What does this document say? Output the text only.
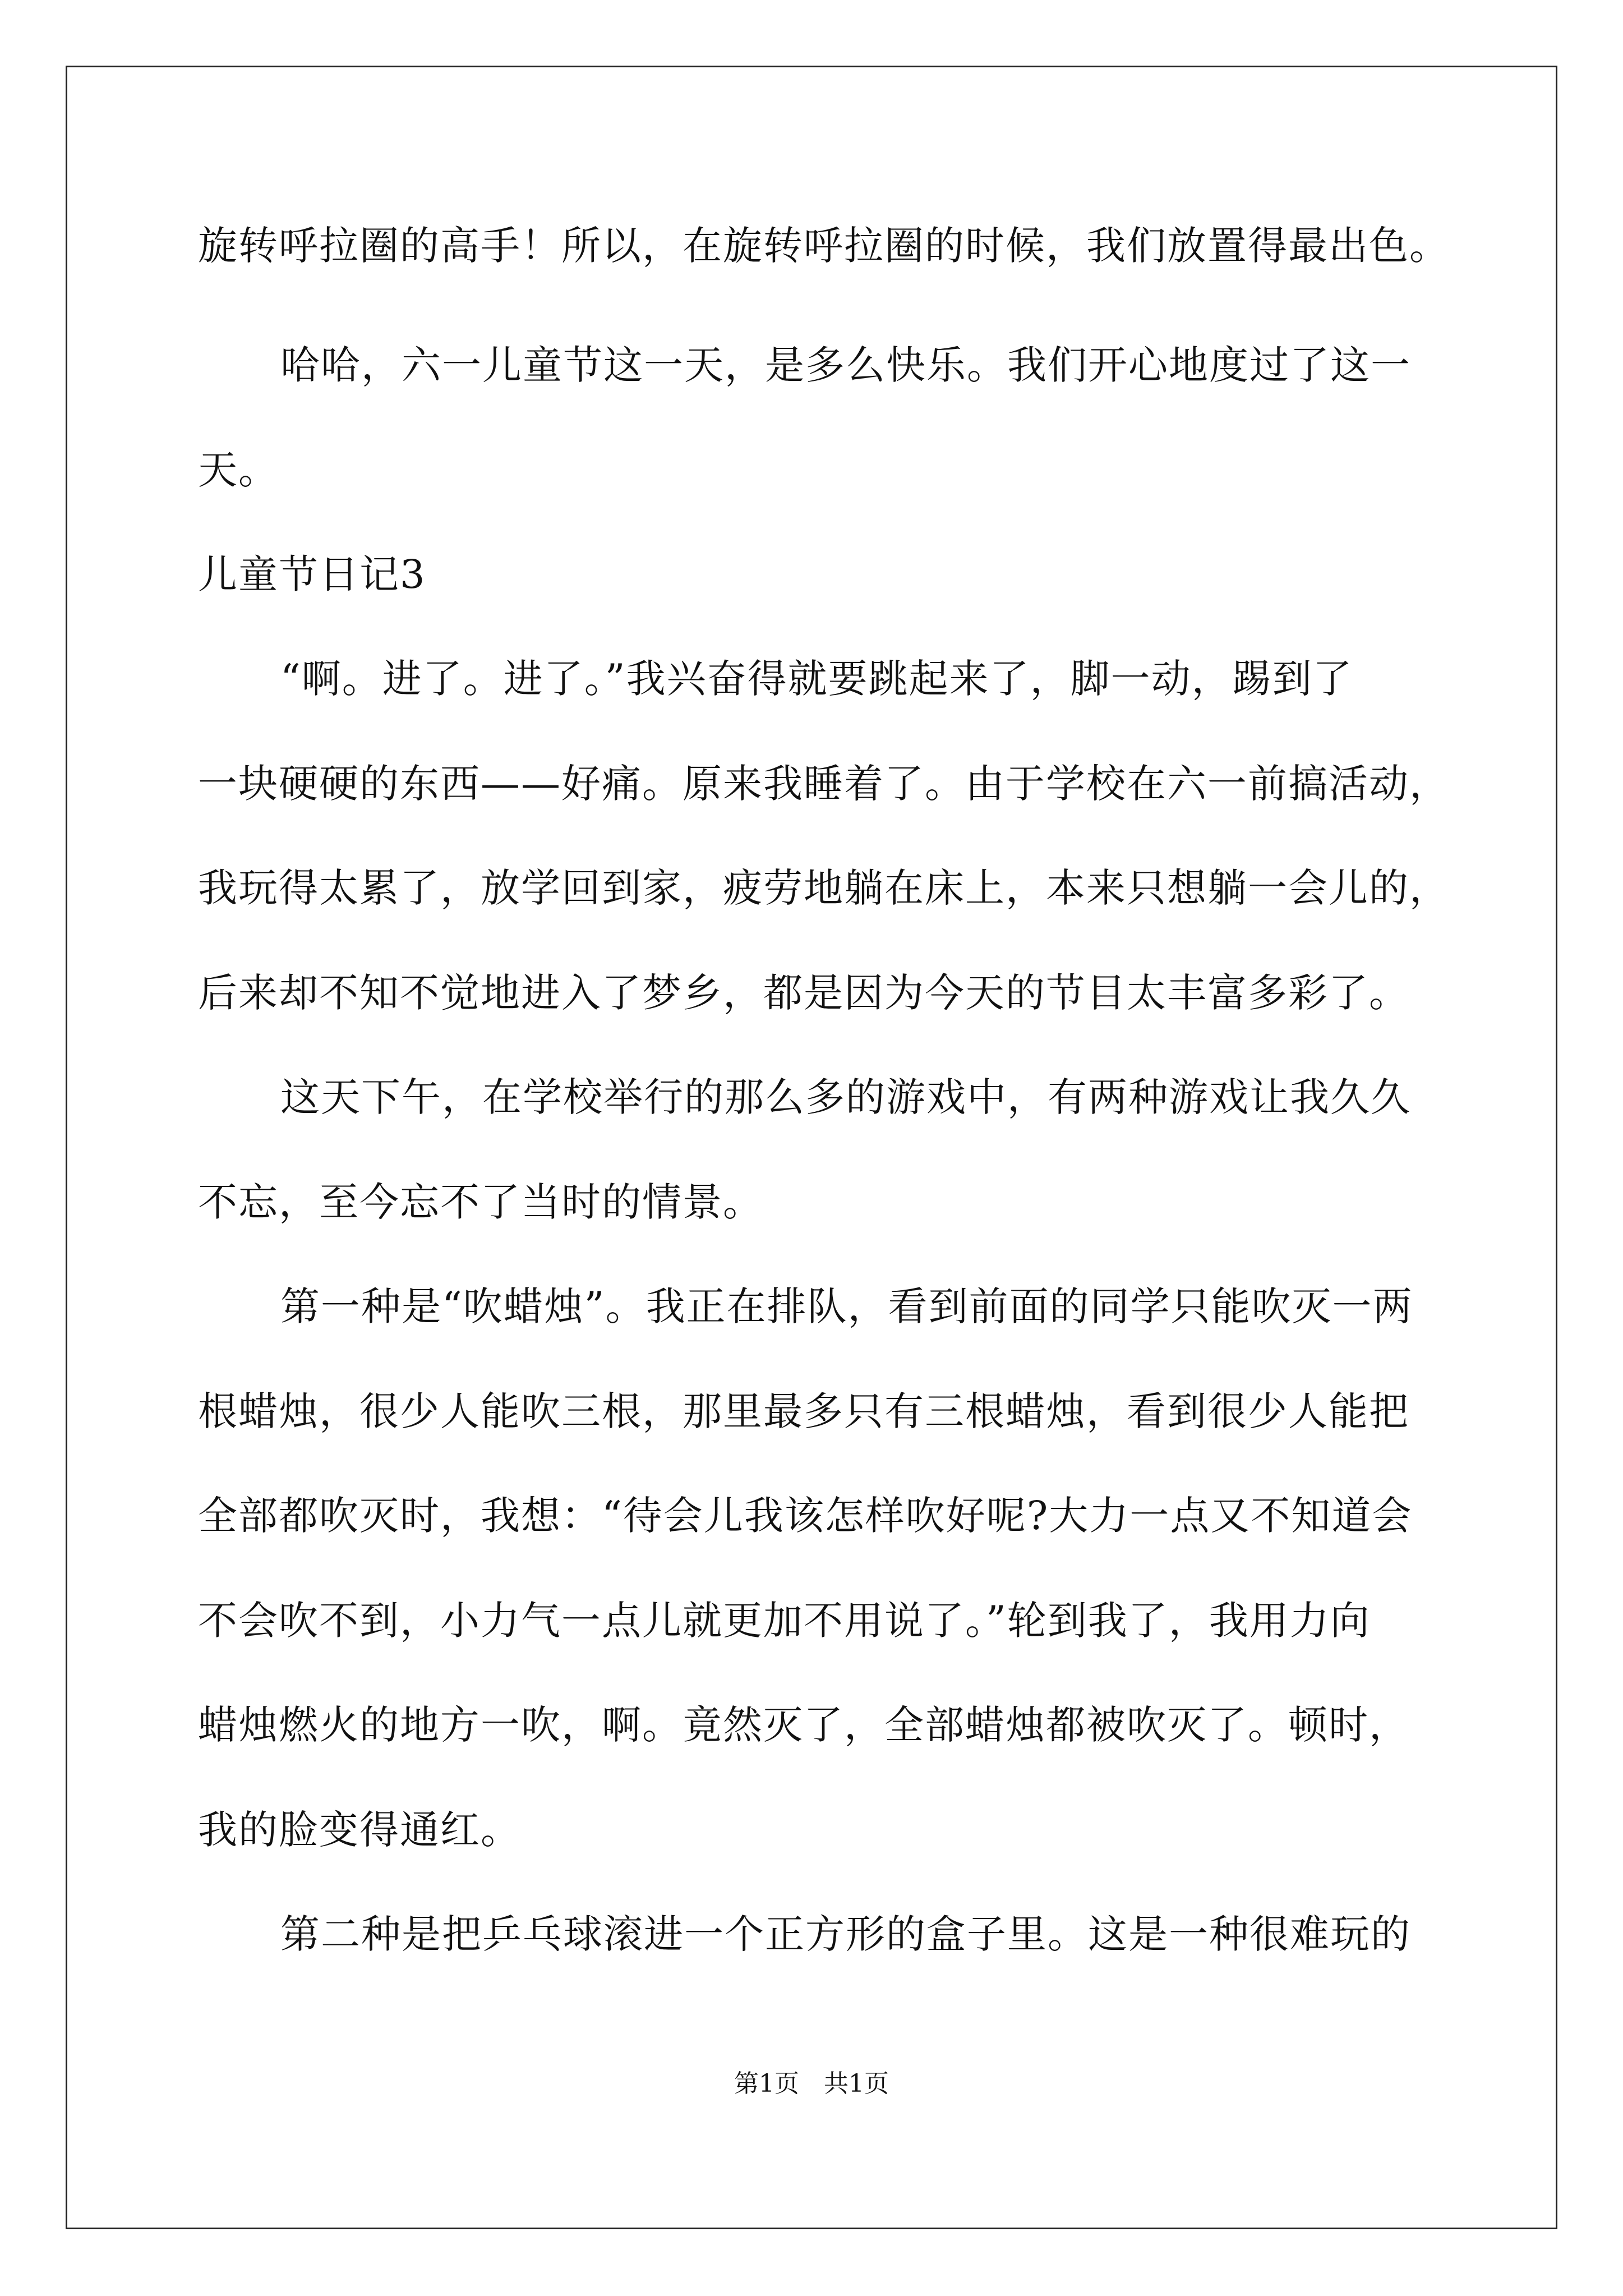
旋转呼拉圈的高手！所以，在旋转呼拉圈的时候，我们放置得最出色。
哈哈，六一儿童节这一天，是多么快乐。我们开心地度过了这一
天。
儿童节日记3
“啊。进了。进了。”我兴奋得就要跳起来了，脚一动，踢到了
一块硬硬的东西——好痛。原来我睡着了。由于学校在六一前搞活动，
我玩得太累了，放学回到家，疲劳地躺在床上，本来只想躺一会儿的，
后来却不知不觉地进入了梦乡，都是因为今天的节目太丰富多彩了。
这天下午，在学校举行的那么多的游戏中，有两种游戏让我久久
不忘，至今忘不了当时的情景。
第一种是“吹蜡烛”。我正在排队，看到前面的同学只能吹灭一两
根蜡烛，很少人能吹三根，那里最多只有三根蜡烛，看到很少人能把
全部都吹灭时，我想：“待会儿我该怎样吹好呢?大力一点又不知道会
不会吹不到，小力气一点儿就更加不用说了。”轮到我了，我用力向
蜡烛燃火的地方一吹，啊。竟然灭了，全部蜡烛都被吹灭了。顿时，
我的脸变得通红。
第二种是把乒乓球滚进一个正方形的盒子里。这是一种很难玩的
第1页　共1页
